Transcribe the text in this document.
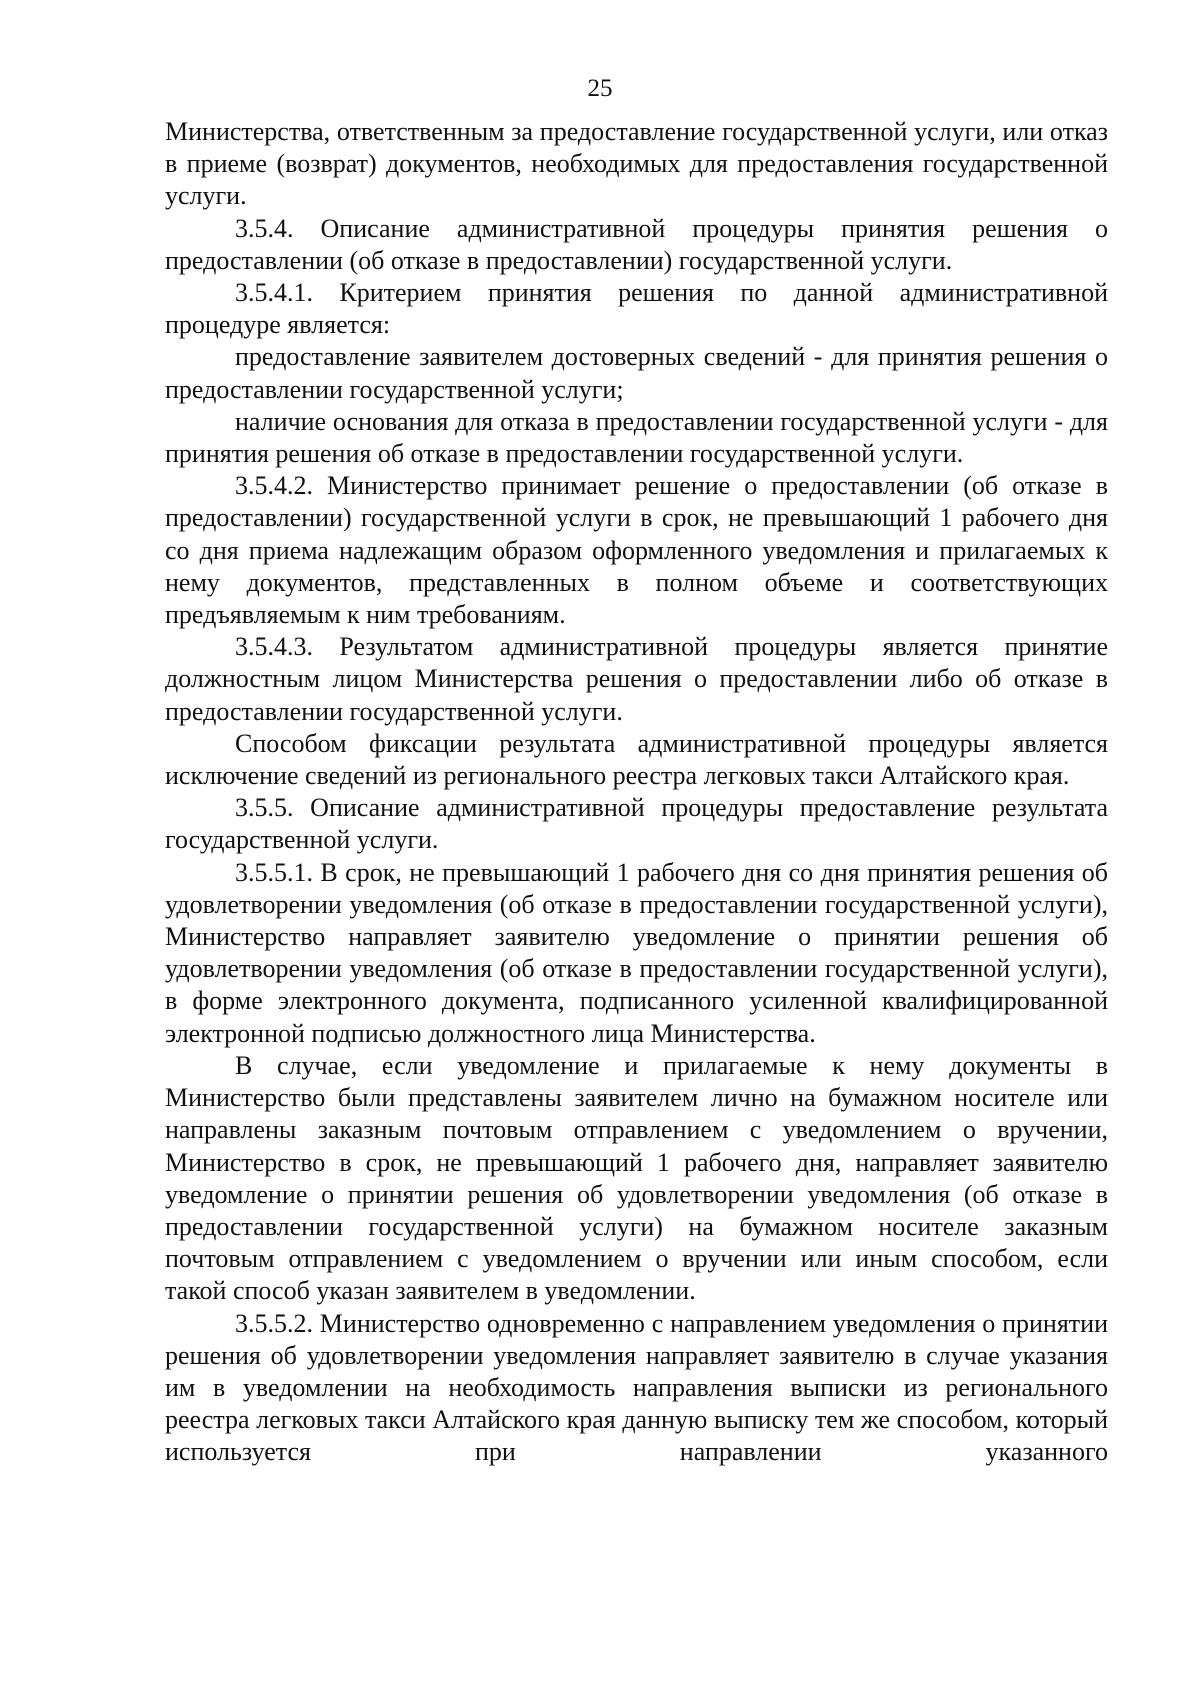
25

Министерства, ответственным за предоставление государственной услуги, или отказ в приеме (возврат) документов, необходимых для предоставления государственной услуги.

3.5.4. Описание административной процедуры принятия решения о предоставлении (об отказе в предоставлении) государственной услуги.

3.5.4.1. Критерием принятия решения по данной административной процедуре является:

предоставление заявителем достоверных сведений - для принятия решения о предоставлении государственной услуги;

наличие основания для отказа в предоставлении государственной услуги - для принятия решения об отказе в предоставлении государственной услуги.

3.5.4.2. Министерство принимает решение о предоставлении (об отказе в предоставлении) государственной услуги в срок, не превышающий 1 рабочего дня со дня приема надлежащим образом оформленного уведомления и прилагаемых к нему документов, представленных в полном объеме и соответствующих предъявляемым к ним требованиям.

3.5.4.3. Результатом административной процедуры является принятие должностным лицом Министерства решения о предоставлении либо об отказе в предоставлении государственной услуги.

Способом фиксации результата административной процедуры является исключение сведений из регионального реестра легковых такси Алтайского края.

3.5.5. Описание административной процедуры предоставление результата государственной услуги.

3.5.5.1. В срок, не превышающий 1 рабочего дня со дня принятия решения об удовлетворении уведомления (об отказе в предоставлении государственной услуги), Министерство направляет заявителю уведомление о принятии решения об удовлетворении уведомления (об отказе в предоставлении государственной услуги), в форме электронного документа, подписанного усиленной квалифицированной электронной подписью должностного лица Министерства.

В случае, если уведомление и прилагаемые к нему документы в Министерство были представлены заявителем лично на бумажном носителе или направлены заказным почтовым отправлением с уведомлением о вручении, Министерство в срок, не превышающий 1 рабочего дня, направляет заявителю уведомление о принятии решения об удовлетворении уведомления (об отказе в предоставлении государственной услуги) на бумажном носителе заказным почтовым отправлением с уведомлением о вручении или иным способом, если такой способ указан заявителем в уведомлении.

3.5.5.2. Министерство одновременно с направлением уведомления о принятии решения об удовлетворении уведомления направляет заявителю в случае указания им в уведомлении на необходимость направления выписки из регионального реестра легковых такси Алтайского края данную выписку тем же способом, который используется при направлении указанного
